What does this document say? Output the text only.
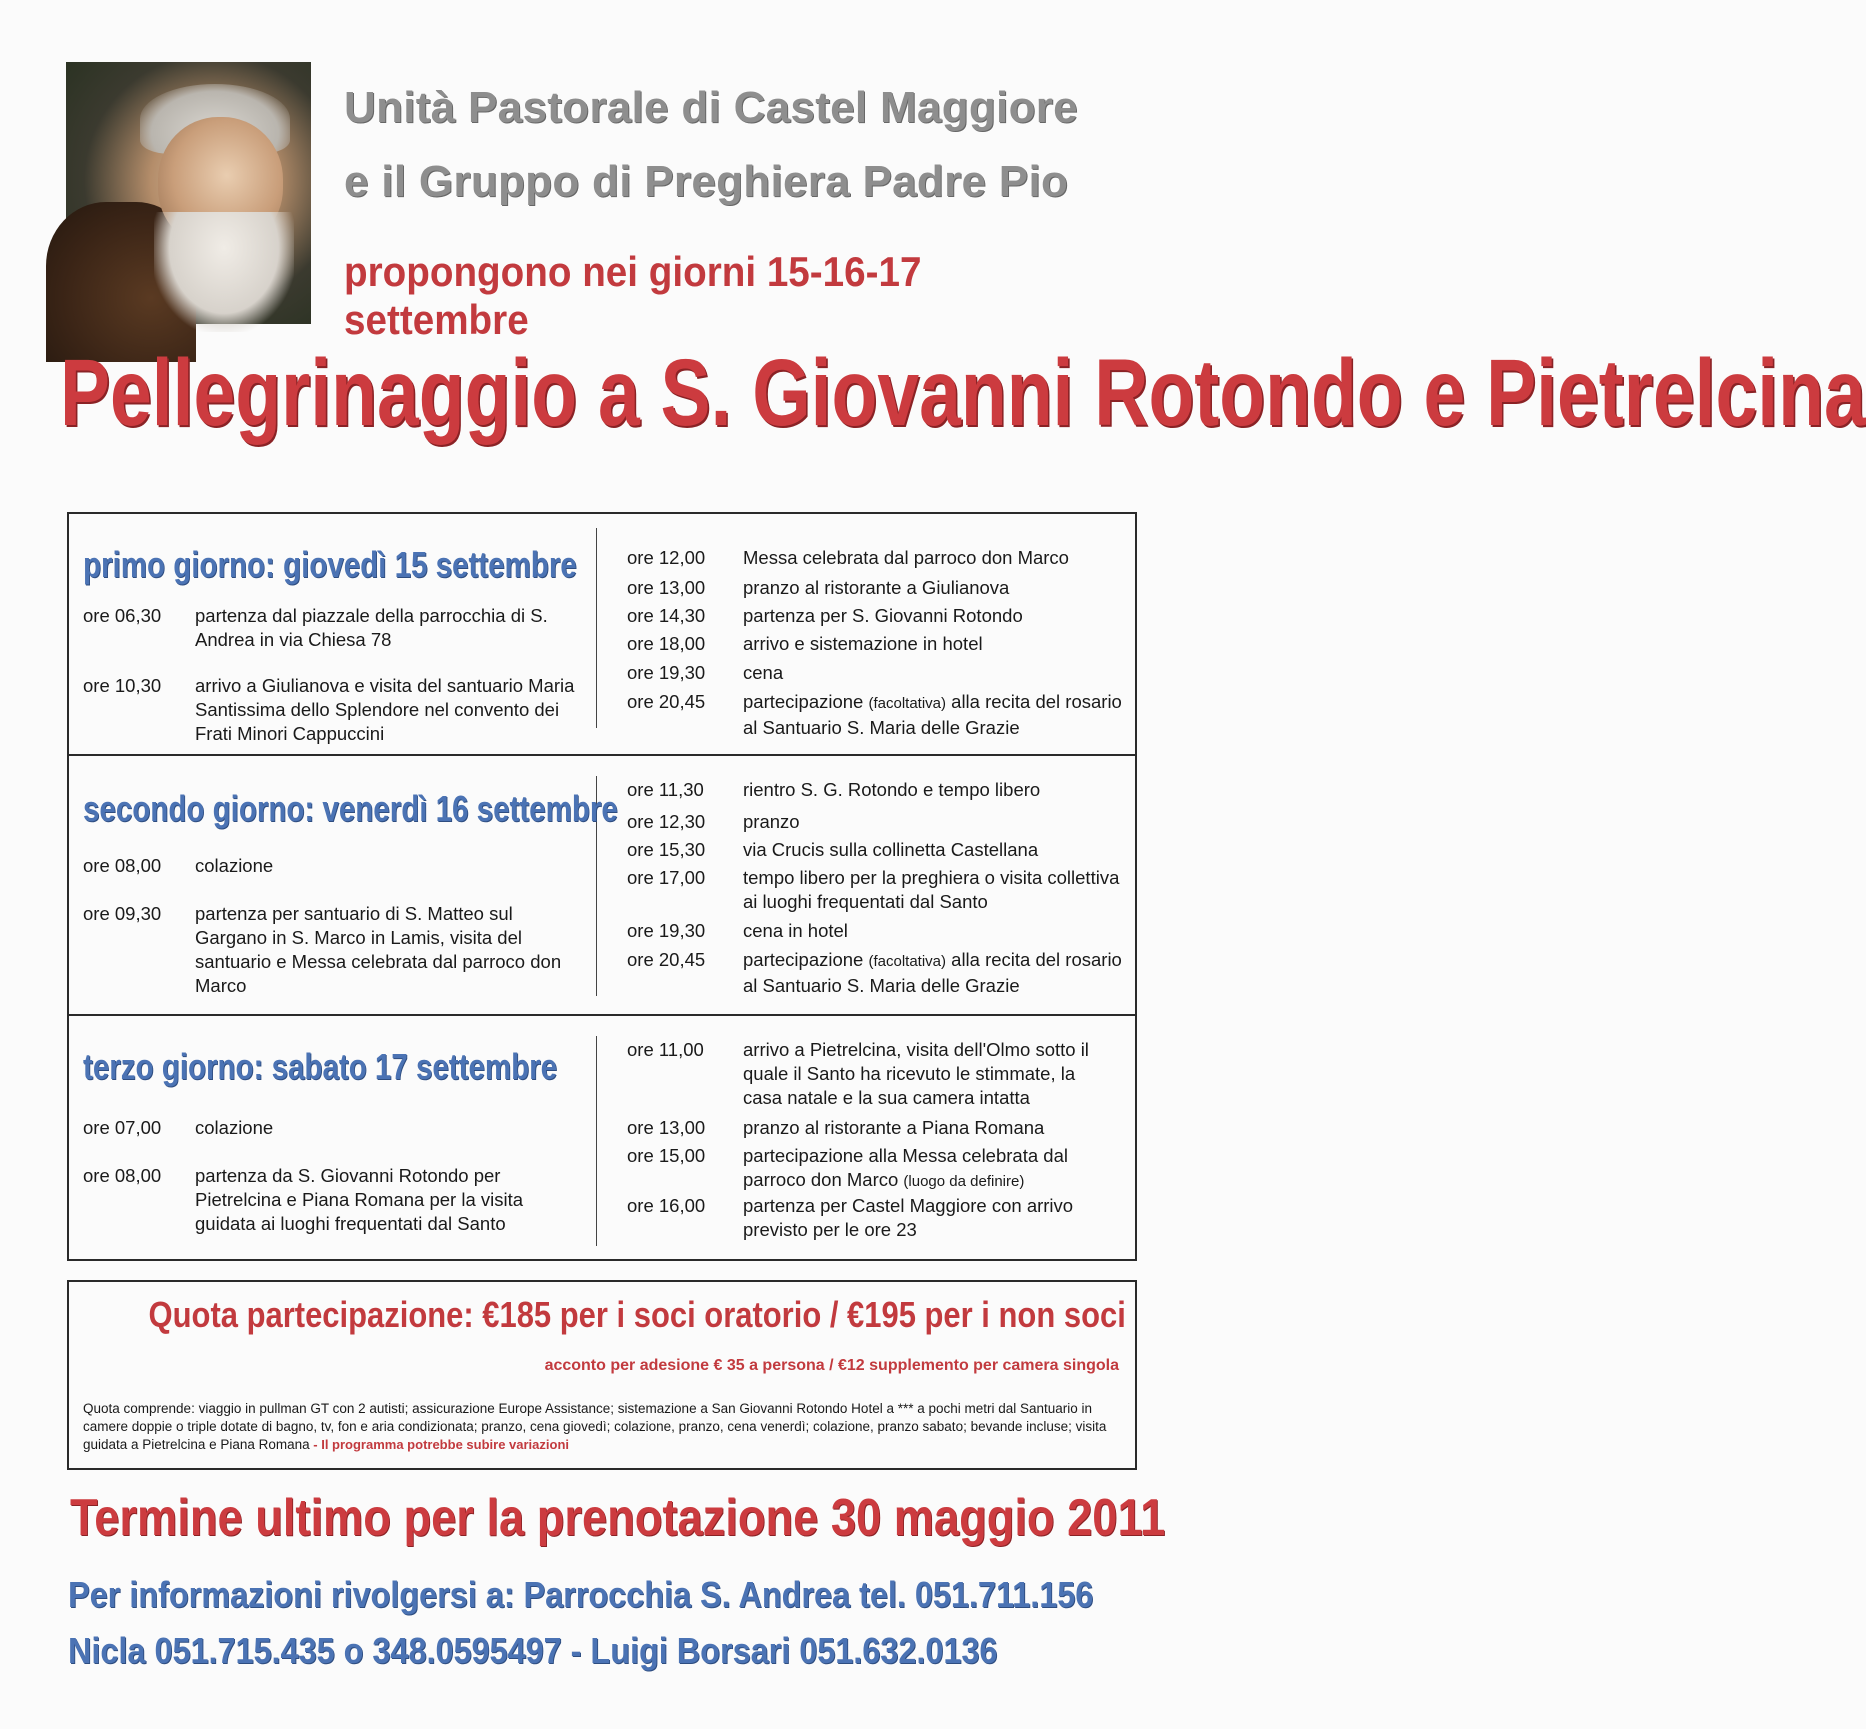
Unità Pastorale di Castel Maggiore
e il Gruppo di Preghiera Padre Pio
propongono nei giorni 15-16-17 settembre
Pellegrinaggio a S. Giovanni Rotondo e Pietrelcina
primo giorno: giovedì 15 settembre
ore 06,30	partenza dal piazzale della parrocchia di S. Andrea in via Chiesa 78
ore 10,30	arrivo a Giulianova e visita del santuario Maria Santissima dello Splendore nel convento dei Frati Minori Cappuccini
ore 12,00	Messa celebrata dal parroco don Marco
ore 13,00	pranzo al ristorante a Giulianova
ore 14,30	partenza per S. Giovanni Rotondo
ore 18,00	arrivo e sistemazione in hotel
ore 19,30	cena
ore 20,45	partecipazione (facoltativa) alla recita del rosario al Santuario S. Maria delle Grazie
secondo giorno: venerdì 16 settembre
ore 08,00	colazione
ore 09,30	partenza per santuario di S. Matteo sul Gargano in S. Marco in Lamis, visita del santuario e Messa celebrata dal parroco don Marco
ore 11,30	rientro S. G. Rotondo e tempo libero
ore 12,30	pranzo
ore 15,30	via Crucis sulla collinetta Castellana
ore 17,00	tempo libero per la preghiera o visita collettiva ai luoghi frequentati dal Santo
ore 19,30	cena in hotel
ore 20,45	partecipazione (facoltativa) alla recita del rosario al Santuario S. Maria delle Grazie
terzo giorno: sabato 17 settembre
ore 07,00	colazione
ore 08,00	partenza da S. Giovanni Rotondo per Pietrelcina e Piana Romana per la visita guidata ai luoghi frequentati dal Santo
ore 11,00	arrivo a Pietrelcina, visita dell'Olmo sotto il quale il Santo ha ricevuto le stimmate, la casa natale e la sua camera intatta
ore 13,00	pranzo al ristorante a Piana Romana
ore 15,00	partecipazione alla Messa celebrata dal parroco don Marco (luogo da definire)
ore 16,00	partenza per Castel Maggiore con arrivo previsto per le ore 23
Quota partecipazione: €185 per i soci oratorio / €195 per i non soci
acconto per adesione € 35 a persona / €12 supplemento per camera singola
Quota comprende: viaggio in pullman GT con 2 autisti; assicurazione Europe Assistance; sistemazione a San Giovanni Rotondo Hotel a *** a pochi metri dal Santuario in camere doppie o triple dotate di bagno, tv, fon e aria condizionata; pranzo, cena giovedì; colazione, pranzo, cena venerdì; colazione, pranzo sabato; bevande incluse; visita guidata a Pietrelcina e Piana Romana - Il programma potrebbe subire variazioni
Termine ultimo per la prenotazione 30 maggio 2011
Per informazioni rivolgersi a: Parrocchia S. Andrea tel. 051.711.156
Nicla 051.715.435 o 348.0595497 - Luigi Borsari 051.632.0136
